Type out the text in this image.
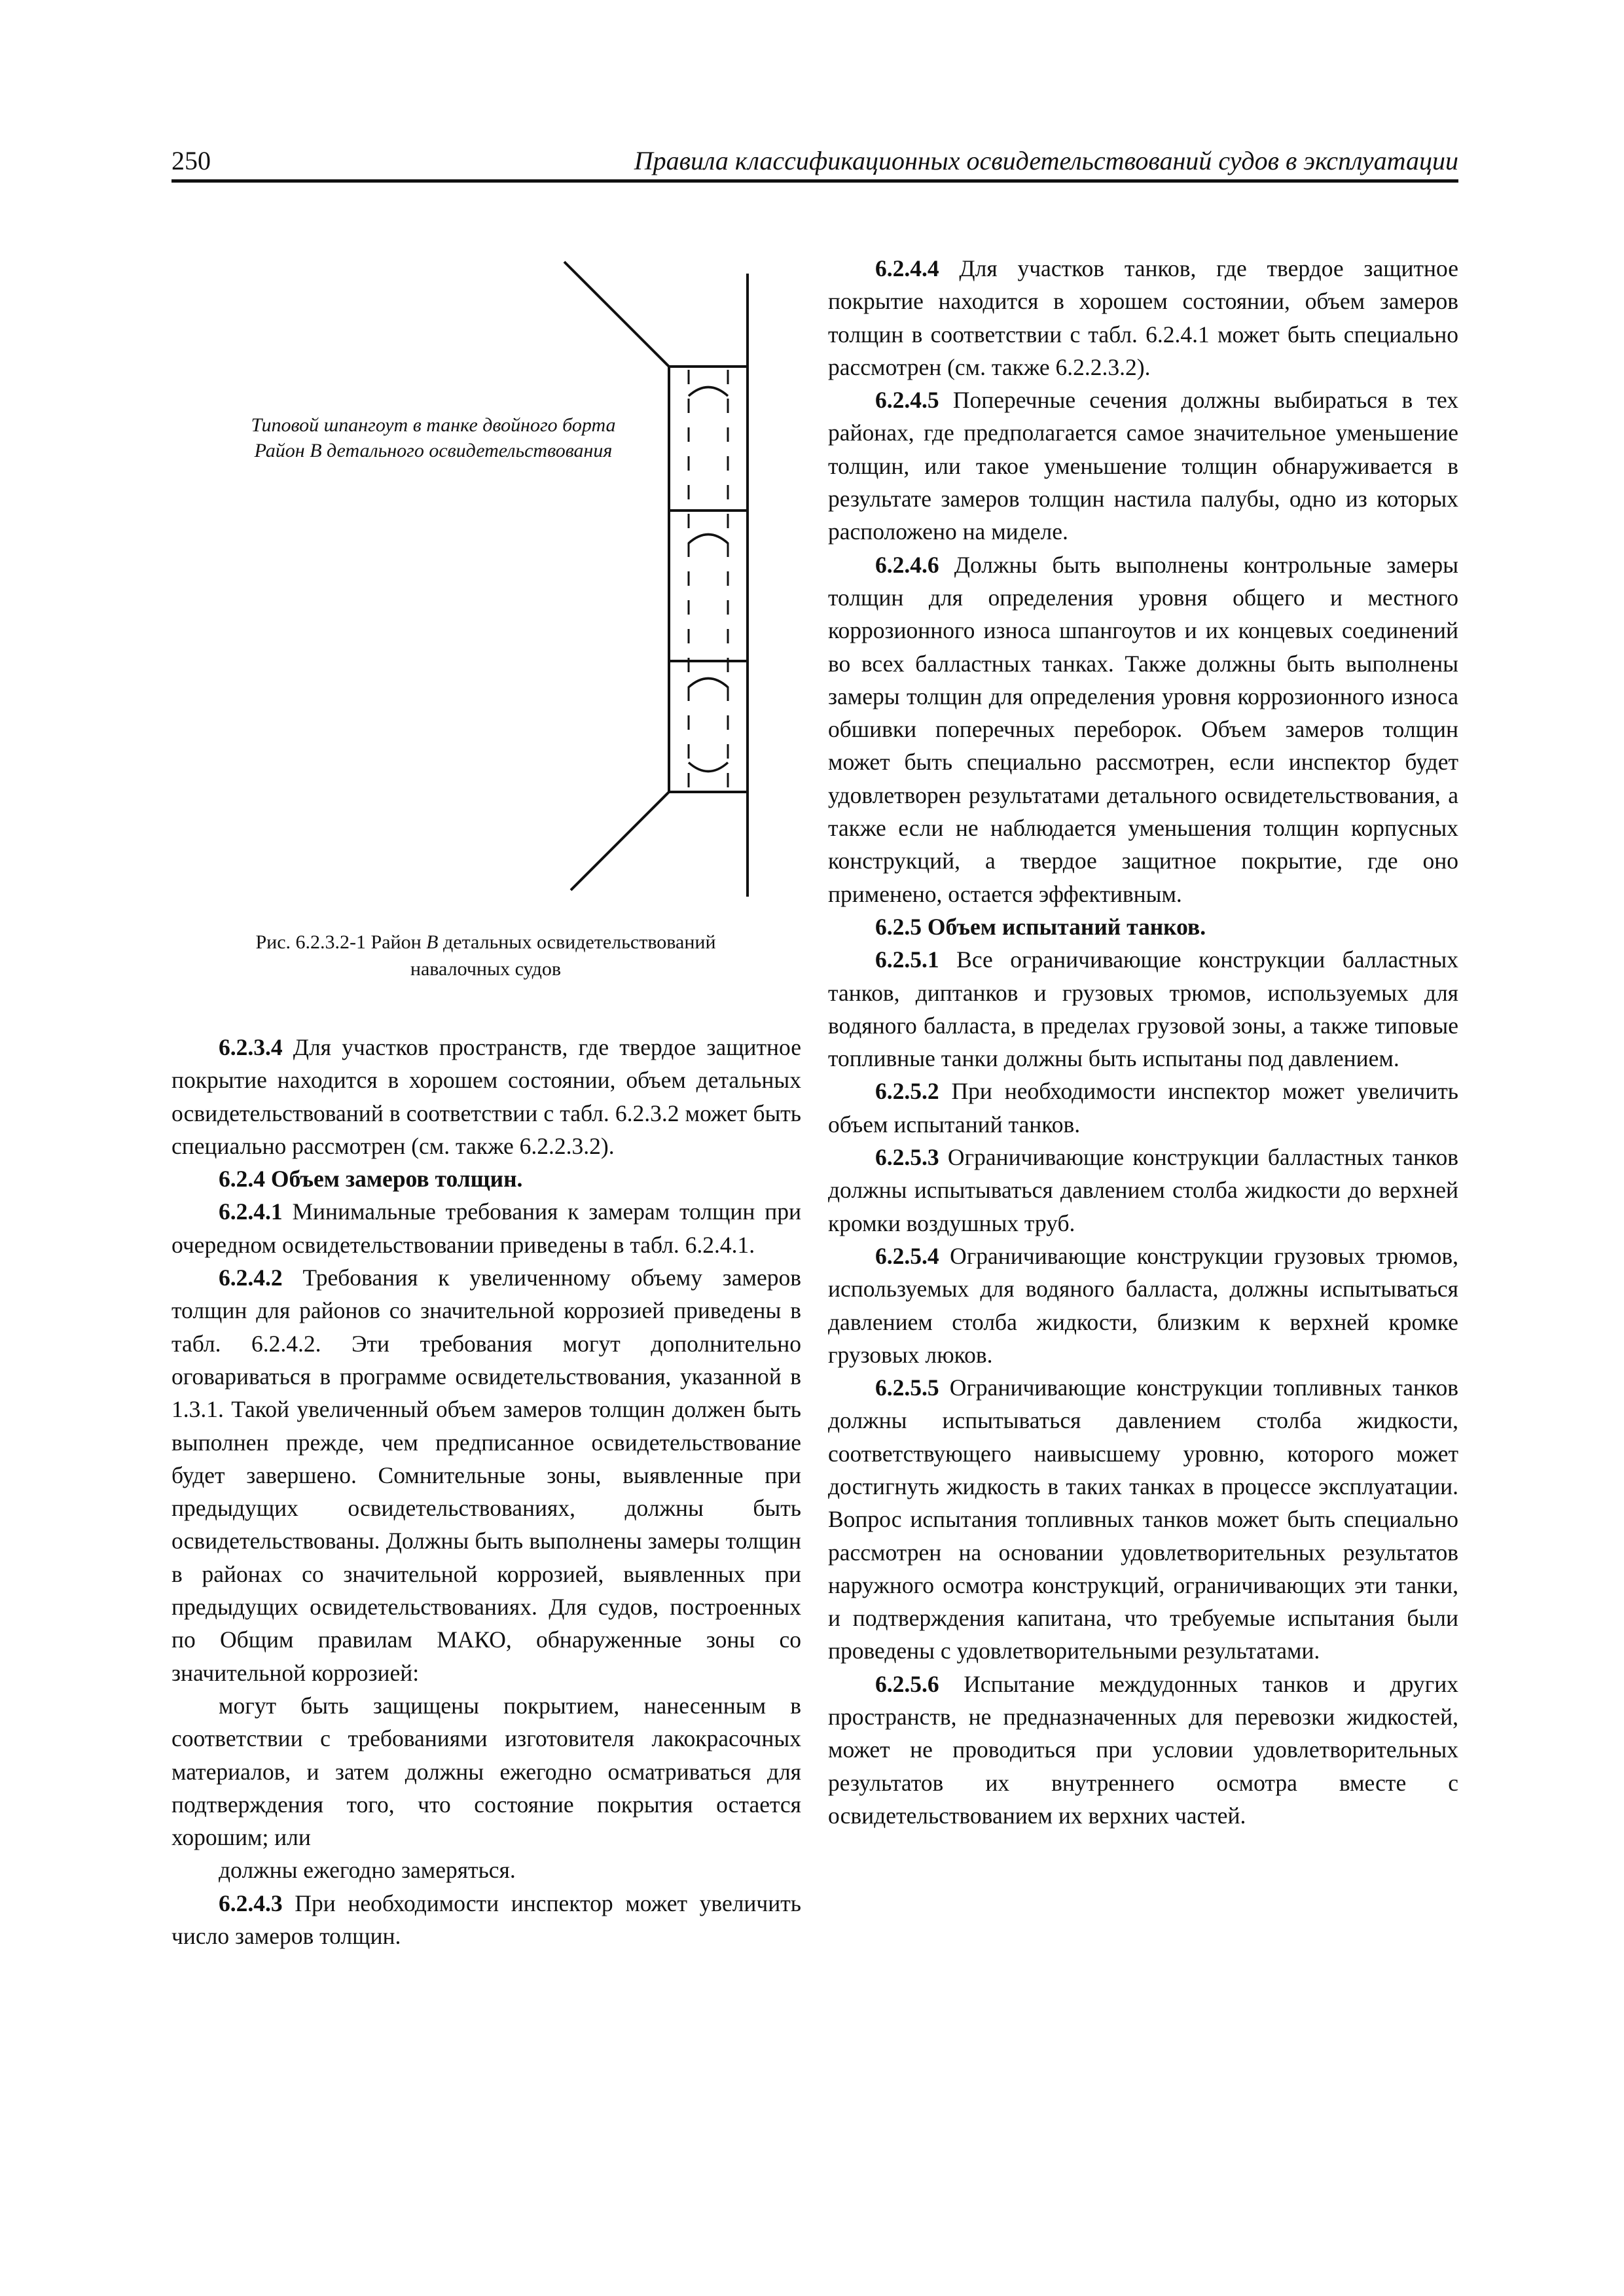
250	Правила классификационных освидетельствований судов в эксплуатации
Типовой шпангоут в танке двойного борта
Район B детального освидетельствования
Рис. 6.2.3.2-1 Район B детальных освидетельствований
навалочных судов

6.2.3.4 Для участков пространств, где твердое защитное покрытие находится в хорошем состоянии, объем детальных освидетельствований в соответствии с табл. 6.2.3.2 может быть специально рассмотрен (см. также 6.2.2.3.2).

6.2.4 Объем замеров толщин.

6.2.4.1 Минимальные требования к замерам толщин при очередном освидетельствовании приведены в табл. 6.2.4.1.

6.2.4.2 Требования к увеличенному объему замеров толщин для районов со значительной коррозией приведены в табл. 6.2.4.2. Эти требования могут дополнительно оговариваться в программе освидетельствования, указанной в 1.3.1. Такой увеличенный объем замеров толщин должен быть выполнен прежде, чем предписанное освидетельствование будет завершено. Сомнительные зоны, выявленные при предыдущих освидетельствованиях, должны быть освидетельствованы. Должны быть выполнены замеры толщин в районах со значительной коррозией, выявленных при предыдущих освидетельствованиях. Для судов, построенных по Общим правилам МАКО, обнаруженные зоны со значительной коррозией:

могут быть защищены покрытием, нанесенным в соответствии с требованиями изготовителя лакокрасочных материалов, и затем должны ежегодно осматриваться для подтверждения того, что состояние покрытия остается хорошим; или

должны ежегодно замеряться.

6.2.4.3 При необходимости инспектор может увеличить число замеров толщин.

6.2.4.4 Для участков танков, где твердое защитное покрытие находится в хорошем состоянии, объем замеров толщин в соответствии с табл. 6.2.4.1 может быть специально рассмотрен (см. также 6.2.2.3.2).

6.2.4.5 Поперечные сечения должны выбираться в тех районах, где предполагается самое значительное уменьшение толщин, или такое уменьшение толщин обнаруживается в результате замеров толщин настила палубы, одно из которых расположено на миделе.

6.2.4.6 Должны быть выполнены контрольные замеры толщин для определения уровня общего и местного коррозионного износа шпангоутов и их концевых соединений во всех балластных танках. Также должны быть выполнены замеры толщин для определения уровня коррозионного износа обшивки поперечных переборок. Объем замеров толщин может быть специально рассмотрен, если инспектор будет удовлетворен результатами детального освидетельствования, а также если не наблюдается уменьшения толщин корпусных конструкций, а твердое защитное покрытие, где оно применено, остается эффективным.

6.2.5 Объем испытаний танков.

6.2.5.1 Все ограничивающие конструкции балластных танков, диптанков и грузовых трюмов, используемых для водяного балласта, в пределах грузовой зоны, а также типовые топливные танки должны быть испытаны под давлением.

6.2.5.2 При необходимости инспектор может увеличить объем испытаний танков.

6.2.5.3 Ограничивающие конструкции балластных танков должны испытываться давлением столба жидкости до верхней кромки воздушных труб.

6.2.5.4 Ограничивающие конструкции грузовых трюмов, используемых для водяного балласта, должны испытываться давлением столба жидкости, близким к верхней кромке грузовых люков.

6.2.5.5 Ограничивающие конструкции топливных танков должны испытываться давлением столба жидкости, соответствующего наивысшему уровню, которого может достигнуть жидкость в таких танках в процессе эксплуатации. Вопрос испытания топливных танков может быть специально рассмотрен на основании удовлетворительных результатов наружного осмотра конструкций, ограничивающих эти танки, и подтверждения капитана, что требуемые испытания были проведены с удовлетворительными результатами.

6.2.5.6 Испытание междудонных танков и других пространств, не предназначенных для перевозки жидкостей, может не проводиться при условии удовлетворительных результатов их внутреннего осмотра вместе с освидетельствованием их верхних частей.
